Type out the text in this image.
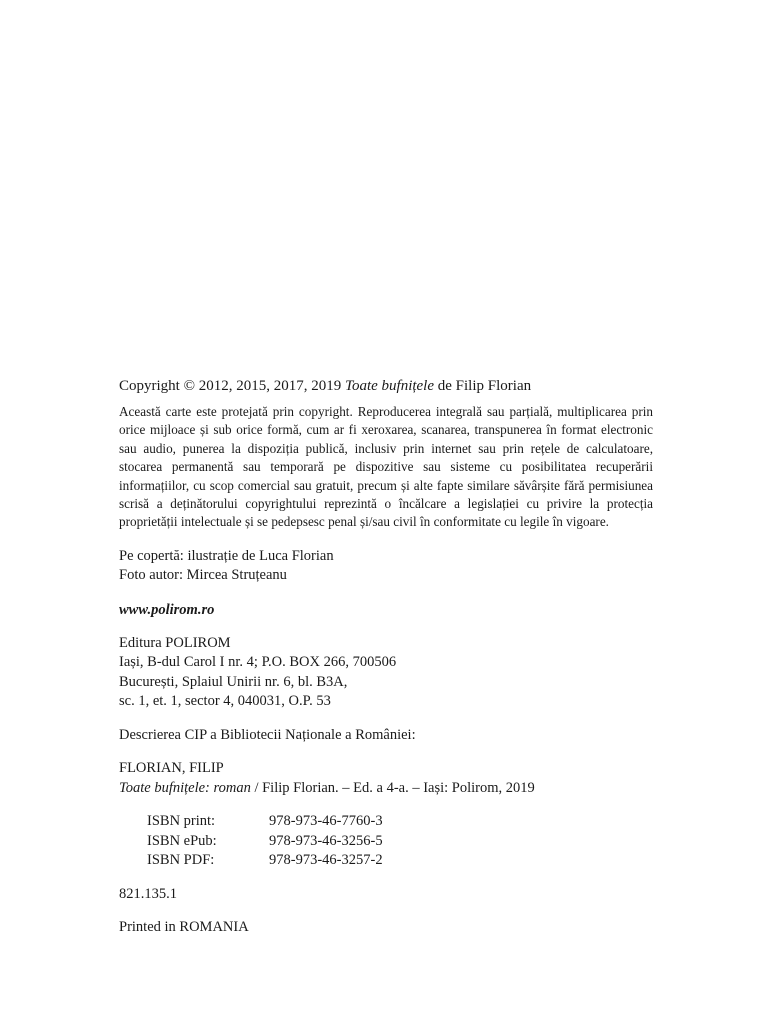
Copyright © 2012, 2015, 2017, 2019 Toate bufnițele de Filip Florian

Această carte este protejată prin copyright. Reproducerea integrală sau parțială, multiplicarea prin orice mijloace și sub orice formă, cum ar fi xeroxarea, scanarea, transpunerea în format electronic sau audio, punerea la dispoziția publică, inclusiv prin internet sau prin rețele de calculatoare, stocarea permanentă sau temporară pe dispozitive sau sisteme cu posibilitatea recuperării informațiilor, cu scop comercial sau gratuit, precum și alte fapte similare săvârșite fără permisiunea scrisă a deținătorului copyrightului reprezintă o încălcare a legislației cu privire la protecția proprietății intelectuale și se pedepsesc penal și/sau civil în conformitate cu legile în vigoare.

Pe copertă: ilustrație de Luca Florian
Foto autor: Mircea Struțeanu
www.polirom.ro
Editura POLIROM
Iași, B-dul Carol I nr. 4; P.O. BOX 266, 700506
București, Splaiul Unirii nr. 6, bl. B3A,
sc. 1, et. 1, sector 4, 040031, O.P. 53
Descrierea CIP a Bibliotecii Naționale a României:
FLORIAN, FILIP
Toate bufnițele: roman / Filip Florian. – Ed. a 4-a. – Iași: Polirom, 2019
ISBN print:	978-973-46-7760-3
ISBN ePub:	978-973-46-3256-5
ISBN PDF:	978-973-46-3257-2
821.135.1
Printed in ROMANIA
